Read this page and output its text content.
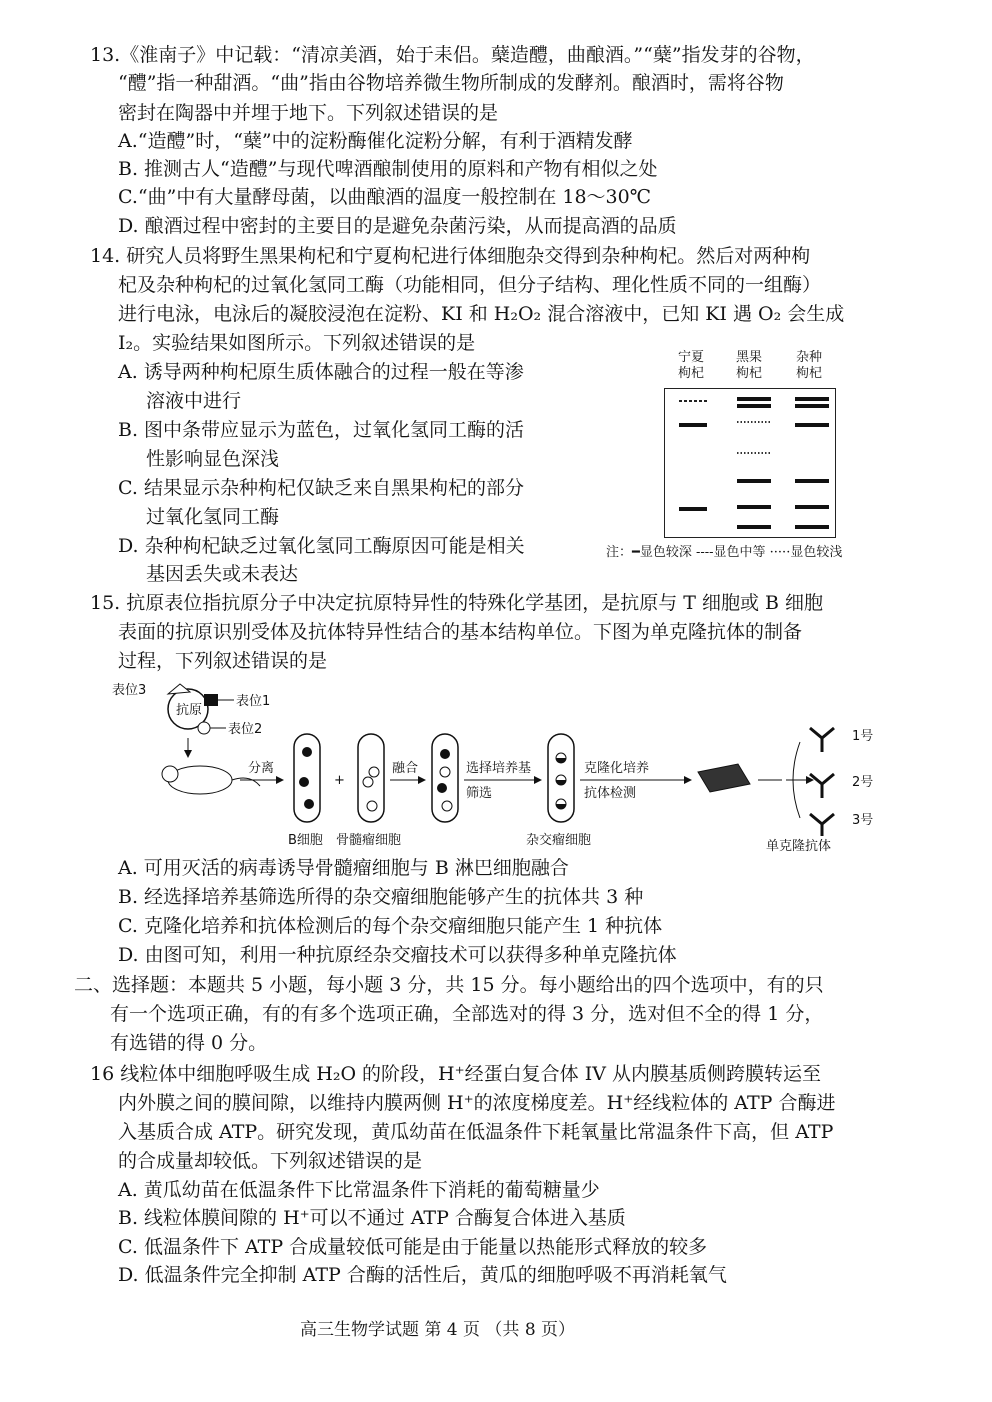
13.《淮南子》中记载：“清凉美酒，始于耒侣。蘖造醴，曲酿酒。”“蘖”指发芽的谷物，
“醴”指一种甜酒。“曲”指由谷物培养微生物所制成的发酵剂。酿酒时，需将谷物
密封在陶器中并埋于地下。下列叙述错误的是
A.“造醴”时，“蘖”中的淀粉酶催化淀粉分解，有利于酒精发酵
B. 推测古人“造醴”与现代啤酒酿制使用的原料和产物有相似之处
C.“曲”中有大量酵母菌，以曲酿酒的温度一般控制在 18～30℃
D. 酿酒过程中密封的主要目的是避免杂菌污染，从而提高酒的品质
14. 研究人员将野生黑果枸杞和宁夏枸杞进行体细胞杂交得到杂种枸杞。然后对两种枸
杞及杂种枸杞的过氧化氢同工酶（功能相同，但分子结构、理化性质不同的一组酶）
进行电泳，电泳后的凝胶浸泡在淀粉、KI 和 H₂O₂ 混合溶液中，已知 KI 遇 O₂ 会生成
I₂。实验结果如图所示。下列叙述错误的是
A. 诱导两种枸杞原生质体融合的过程一般在等渗
溶液中进行
B. 图中条带应显示为蓝色，过氧化氢同工酶的活
性影响显色深浅
C. 结果显示杂种枸杞仅缺乏来自黑果枸杞的部分
过氧化氢同工酶
D. 杂种枸杞缺乏过氧化氢同工酶原因可能是相关
基因丢失或未表达
宁夏
枸杞
黑果
枸杞
杂种
枸杞
注：━显色较深 ----显色中等 ·····显色较浅
15. 抗原表位指抗原分子中决定抗原特异性的特殊化学基团，是抗原与 T 细胞或 B 细胞
表面的抗原识别受体及抗体特异性结合的基本结构单位。下图为单克隆抗体的制备
过程，下列叙述错误的是
抗原
表位1
表位2
表位3
分离
B细胞
+
骨髓瘤细胞
融合	选择培养基
筛选
杂交瘤细胞
克隆化培养
抗体检测
1号
2号
3号
单克隆抗体
A. 可用灭活的病毒诱导骨髓瘤细胞与 B 淋巴细胞融合
B. 经选择培养基筛选所得的杂交瘤细胞能够产生的抗体共 3 种
C. 克隆化培养和抗体检测后的每个杂交瘤细胞只能产生 1 种抗体
D. 由图可知，利用一种抗原经杂交瘤技术可以获得多种单克隆抗体
二、选择题：本题共 5 小题，每小题 3 分，共 15 分。每小题给出的四个选项中，有的只
有一个选项正确，有的有多个选项正确，全部选对的得 3 分，选对但不全的得 1 分，
有选错的得 0 分。
16 线粒体中细胞呼吸生成 H₂O 的阶段，H⁺经蛋白复合体 IV 从内膜基质侧跨膜转运至
内外膜之间的膜间隙，以维持内膜两侧 H⁺的浓度梯度差。H⁺经线粒体的 ATP 合酶进
入基质合成 ATP。研究发现，黄瓜幼苗在低温条件下耗氧量比常温条件下高，但 ATP
的合成量却较低。下列叙述错误的是
A. 黄瓜幼苗在低温条件下比常温条件下消耗的葡萄糖量少
B. 线粒体膜间隙的 H⁺可以不通过 ATP 合酶复合体进入基质
C. 低温条件下 ATP 合成量较低可能是由于能量以热能形式释放的较多
D. 低温条件完全抑制 ATP 合酶的活性后，黄瓜的细胞呼吸不再消耗氧气
高三生物学试题 第 4 页 （共 8 页）
